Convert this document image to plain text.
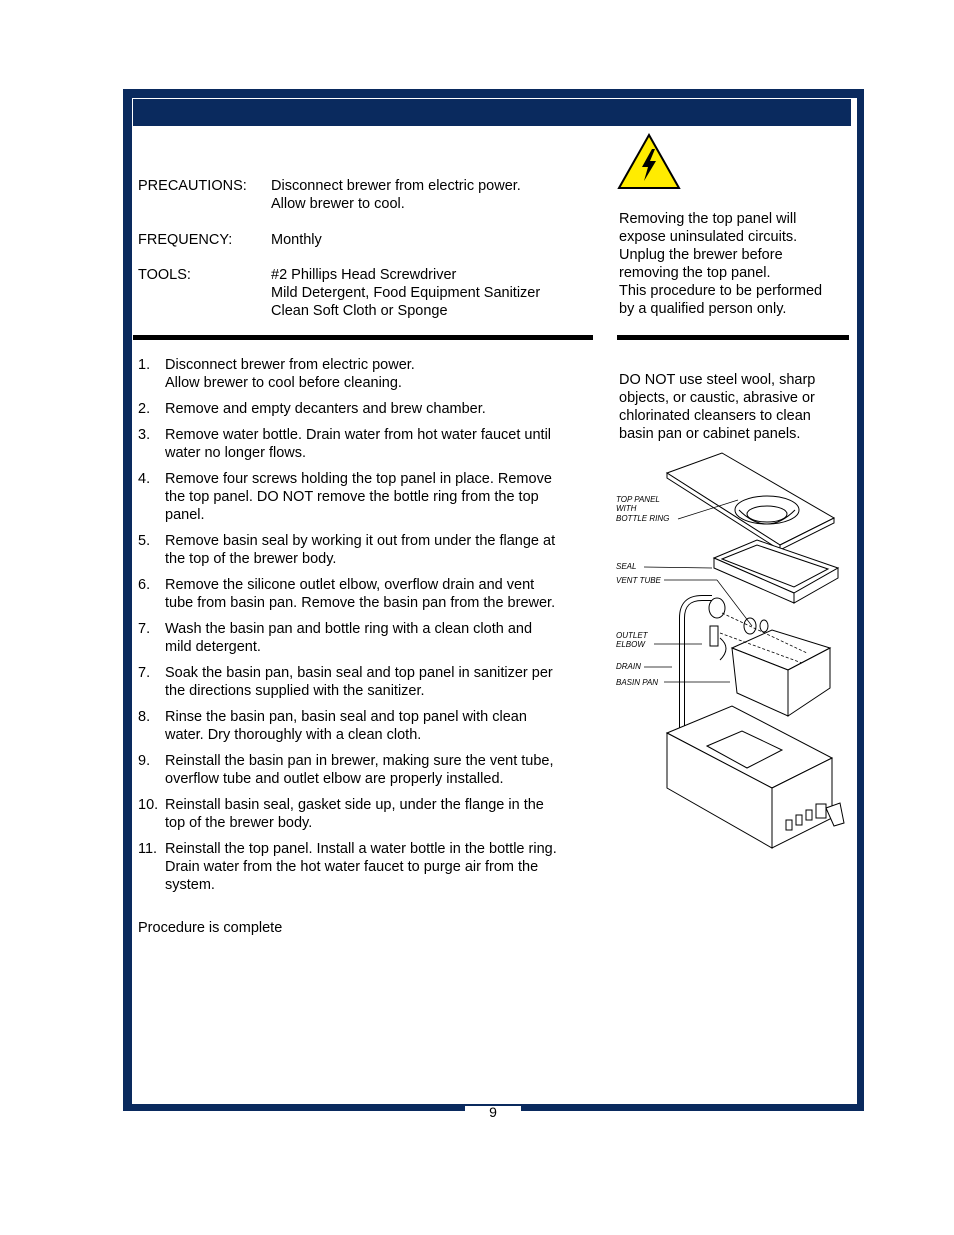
9
PRECAUTIONS: Disconnect brewer from electric power.
Allow brewer to cool.
FREQUENCY:	Monthly
TOOLS:	#2 Phillips Head Screwdriver
Mild Detergent, Food Equipment Sanitizer
Clean Soft Cloth or Sponge
Removing the top panel will
expose uninsulated circuits.
Unplug the brewer before
removing the top panel.
This procedure to be performed
by a qualified person only.
DO NOT use steel wool, sharp
objects, or caustic, abrasive or
chlorinated cleansers to clean
basin pan or cabinet panels.
1. Disconnect brewer from electric power.
Allow brewer to cool before cleaning.
2. Remove and empty decanters and brew chamber.
3. Remove water bottle. Drain water from hot water faucet until
water no longer flows.
4. Remove four screws holding the top panel in place. Remove
the top panel. DO NOT remove the bottle ring from the top
panel.
5. Remove basin seal by working it out from under the flange at
the top of the brewer body.
6. Remove the silicone outlet elbow, overflow drain and vent
tube from basin pan. Remove the basin pan from the brewer.
7. Wash the basin pan and bottle ring with a clean cloth and
mild detergent.
7. Soak the basin pan, basin seal and top panel in sanitizer per
the directions supplied with the sanitizer.
8. Rinse the basin pan, basin seal and top panel with clean
water. Dry thoroughly with a clean cloth.
9. Reinstall the basin pan in brewer, making sure the vent tube,
overflow tube and outlet elbow are properly installed.
10. Reinstall basin seal, gasket side up, under the flange in the
top of the brewer body.
11. Reinstall the top panel. Install a water bottle in the bottle ring.
Drain water from the hot water faucet to purge air from the
system.
Procedure is complete
TOP PANEL
WITH
BOTTLE RING
SEAL
VENT TUBE
OUTLET
ELBOW
DRAIN
BASIN PAN
